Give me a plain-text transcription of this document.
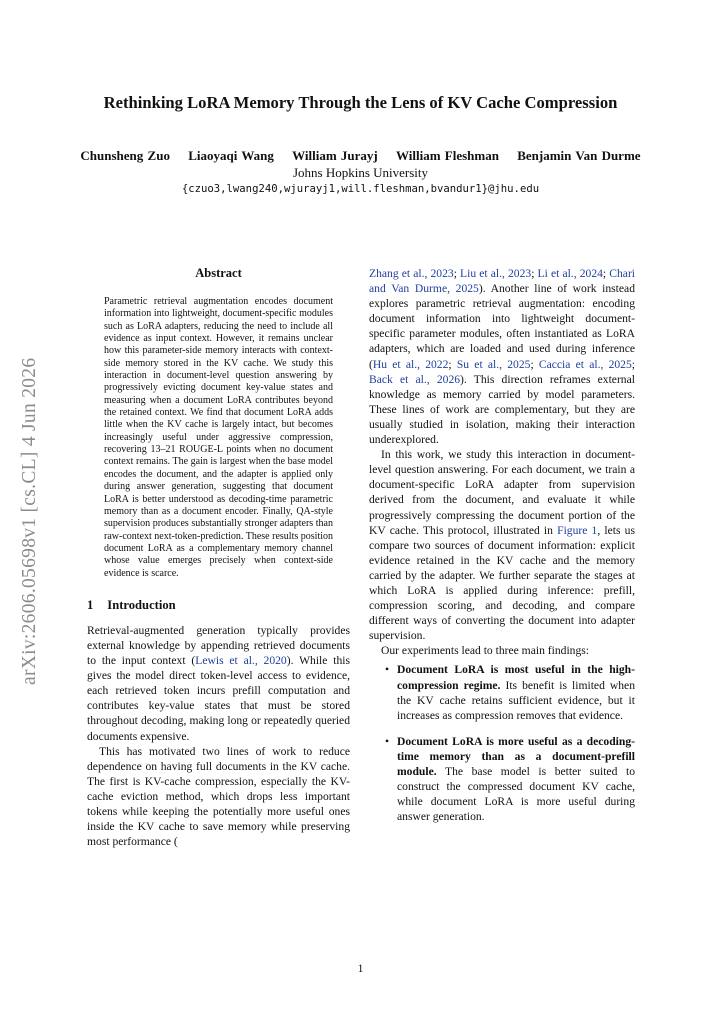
Rethinking LoRA Memory Through the Lens of KV Cache Compression
Chunsheng Zuo Liaoyaqi Wang William Jurayj William Fleshman Benjamin Van Durme
Johns Hopkins University
{czuo3,lwang240,wjurayj1,will.fleshman,bvandur1}@jhu.edu
arXiv:2606.05698v1 [cs.CL] 4 Jun 2026
Abstract
Parametric retrieval augmentation encodes document information into lightweight, document-specific modules such as LoRA adapters, reducing the need to include all evidence as input context. However, it remains unclear how this parameter-side memory interacts with context-side memory stored in the KV cache. We study this interaction in document-level question answering by progressively evicting document key-value states and measuring when a document LoRA contributes beyond the retained context. We find that document LoRA adds little when the KV cache is largely intact, but becomes increasingly useful under aggressive compression, recovering 13–21 ROUGE-L points when no document context remains. The gain is largest when the base model encodes the document, and the adapter is applied only during answer generation, suggesting that document LoRA is better understood as decoding-time parametric memory than as a document encoder. Finally, QA-style supervision produces substantially stronger adapters than raw-context next-token-prediction. These results position document LoRA as a complementary memory channel whose value emerges precisely when context-side evidence is scarce.
1 Introduction

Retrieval-augmented generation typically provides external knowledge by appending retrieved documents to the input context (Lewis et al., 2020). While this gives the model direct token-level access to evidence, each retrieved token incurs prefill computation and contributes key-value states that must be stored throughout decoding, making long or repeatedly queried documents expensive.

This has motivated two lines of work to reduce dependence on having full documents in the KV cache. The first is KV-cache compression, especially the KV-cache eviction method, which drops less important tokens while keeping the potentially more useful ones inside the KV cache to save memory while preserving most performance (

Zhang et al., 2023; Liu et al., 2023; Li et al., 2024; Chari and Van Durme, 2025). Another line of work instead explores parametric retrieval augmentation: encoding document information into lightweight document-specific parameter modules, often instantiated as LoRA adapters, which are loaded and used during inference (Hu et al., 2022; Su et al., 2025; Caccia et al., 2025; Back et al., 2026). This direction reframes external knowledge as memory carried by model parameters. These lines of work are complementary, but they are usually studied in isolation, making their interaction underexplored.

In this work, we study this interaction in document-level question answering. For each document, we train a document-specific LoRA adapter from supervision derived from the document, and evaluate it while progressively compressing the document portion of the KV cache. This protocol, illustrated in Figure 1, lets us compare two sources of document information: explicit evidence retained in the KV cache and the memory carried by the adapter. We further separate the stages at which LoRA is applied during inference: prefill, compression scoring, and decoding, and compare different ways of converting the document into adapter supervision.

Our experiments lead to three main findings:

• Document LoRA is most useful in the high-compression regime. Its benefit is limited when the KV cache retains sufficient evidence, but it increases as compression removes that evidence.
• Document LoRA is more useful as a decoding-time memory than as a document-prefill module. The base model is better suited to construct the compressed document KV cache, while document LoRA is more useful during answer generation.
1
